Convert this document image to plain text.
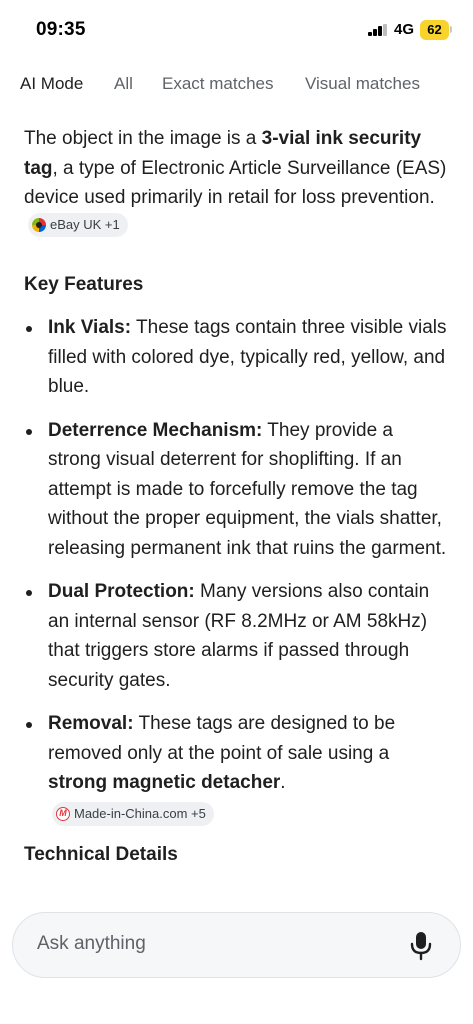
09:35	4G	62
AI Mode All Exact matches Visual matches

The object in the image is a 3-vial ink security tag, a type of Electronic Article Surveillance (EAS) device used primarily in retail for loss prevention.
eBay UK +1

Key Features
Ink Vials: These tags contain three visible vials filled with colored dye, typically red, yellow, and blue.
Deterrence Mechanism: They provide a strong visual deterrent for shoplifting. If an attempt is made to forcefully remove the tag without the proper equipment, the vials shatter, releasing permanent ink that ruins the garment.
Dual Protection: Many versions also contain an internal sensor (RF 8.2MHz or AM 58kHz) that triggers store alarms if passed through security gates.
Removal: These tags are designed to be removed only at the point of sale using a strong magnetic detacher.
M Made-in-China.com +5
Technical Details
Ask anything
